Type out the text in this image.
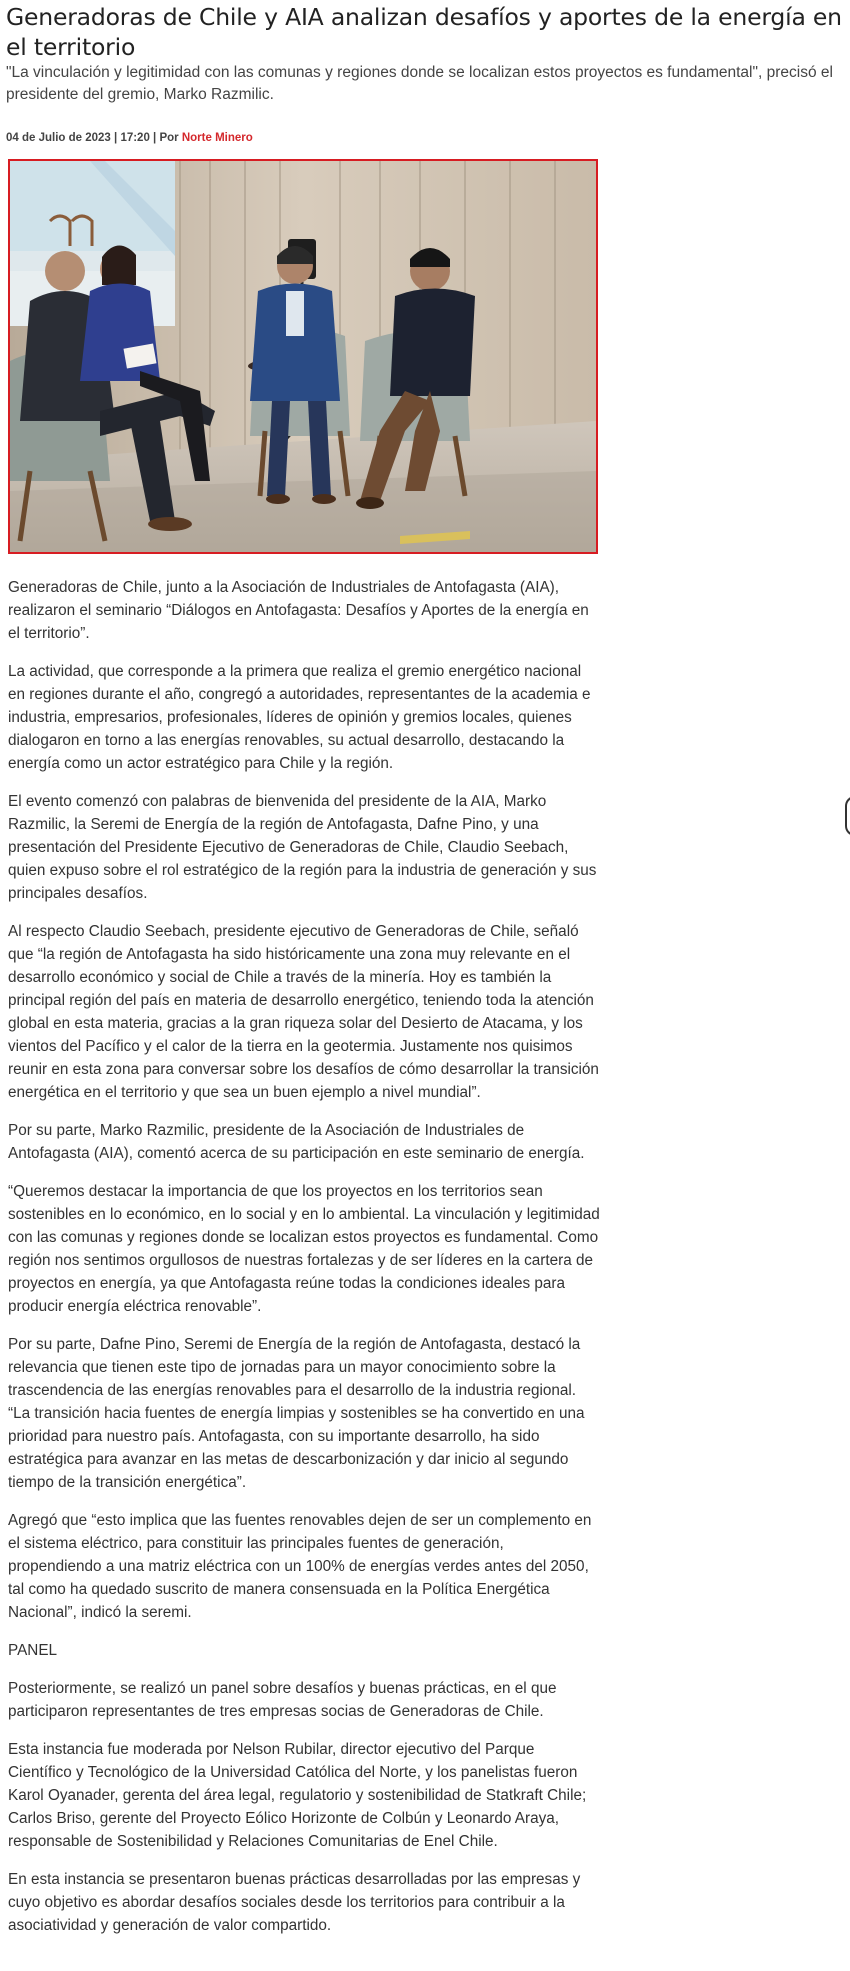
Generadoras de Chile y AIA analizan desafíos y aportes de la energía en el territorio

"La vinculación y legitimidad con las comunas y regiones donde se localizan estos proyectos es fundamental", precisó el presidente del gremio, Marko Razmilic.

04 de Julio de 2023 | 17:20 | Por Norte Minero

Generadoras de Chile, junto a la Asociación de Industriales de Antofagasta (AIA), realizaron el seminario “Diálogos en Antofagasta: Desafíos y Aportes de la energía en el territorio”.

La actividad, que corresponde a la primera que realiza el gremio energético nacional en regiones durante el año, congregó a autoridades, representantes de la academia e industria, empresarios, profesionales, líderes de opinión y gremios locales, quienes dialogaron en torno a las energías renovables, su actual desarrollo, destacando la energía como un actor estratégico para Chile y la región.

El evento comenzó con palabras de bienvenida del presidente de la AIA, Marko Razmilic, la Seremi de Energía de la región de Antofagasta, Dafne Pino, y una presentación del Presidente Ejecutivo de Generadoras de Chile, Claudio Seebach, quien expuso sobre el rol estratégico de la región para la industria de generación y sus principales desafíos.

Al respecto Claudio Seebach, presidente ejecutivo de Generadoras de Chile, señaló que “la región de Antofagasta ha sido históricamente una zona muy relevante en el desarrollo económico y social de Chile a través de la minería. Hoy es también la principal región del país en materia de desarrollo energético, teniendo toda la atención global en esta materia, gracias a la gran riqueza solar del Desierto de Atacama, y los vientos del Pacífico y el calor de la tierra en la geotermia. Justamente nos quisimos reunir en esta zona para conversar sobre los desafíos de cómo desarrollar la transición energética en el territorio y que sea un buen ejemplo a nivel mundial”.

Por su parte, Marko Razmilic, presidente de la Asociación de Industriales de Antofagasta (AIA), comentó acerca de su participación en este seminario de energía.

“Queremos destacar la importancia de que los proyectos en los territorios sean sostenibles en lo económico, en lo social y en lo ambiental. La vinculación y legitimidad con las comunas y regiones donde se localizan estos proyectos es fundamental. Como región nos sentimos orgullosos de nuestras fortalezas y de ser líderes en la cartera de proyectos en energía, ya que Antofagasta reúne todas la condiciones ideales para producir energía eléctrica renovable”.

Por su parte, Dafne Pino, Seremi de Energía de la región de Antofagasta, destacó la relevancia que tienen este tipo de jornadas para un mayor conocimiento sobre la trascendencia de las energías renovables para el desarrollo de la industria regional. “La transición hacia fuentes de energía limpias y sostenibles se ha convertido en una prioridad para nuestro país. Antofagasta, con su importante desarrollo, ha sido estratégica para avanzar en las metas de descarbonización y dar inicio al segundo tiempo de la transición energética”.

Agregó que “esto implica que las fuentes renovables dejen de ser un complemento en el sistema eléctrico, para constituir las principales fuentes de generación, propendiendo a una matriz eléctrica con un 100% de energías verdes antes del 2050, tal como ha quedado suscrito de manera consensuada en la Política Energética Nacional”, indicó la seremi.

PANEL

Posteriormente, se realizó un panel sobre desafíos y buenas prácticas, en el que participaron representantes de tres empresas socias de Generadoras de Chile.

Esta instancia fue moderada por Nelson Rubilar, director ejecutivo del Parque Científico y Tecnológico de la Universidad Católica del Norte, y los panelistas fueron Karol Oyanader, gerenta del área legal, regulatorio y sostenibilidad de Statkraft Chile; Carlos Briso, gerente del Proyecto Eólico Horizonte de Colbún y Leonardo Araya, responsable de Sostenibilidad y Relaciones Comunitarias de Enel Chile.

En esta instancia se presentaron buenas prácticas desarrolladas por las empresas y cuyo objetivo es abordar desafíos sociales desde los territorios para contribuir a la asociatividad y generación de valor compartido.
